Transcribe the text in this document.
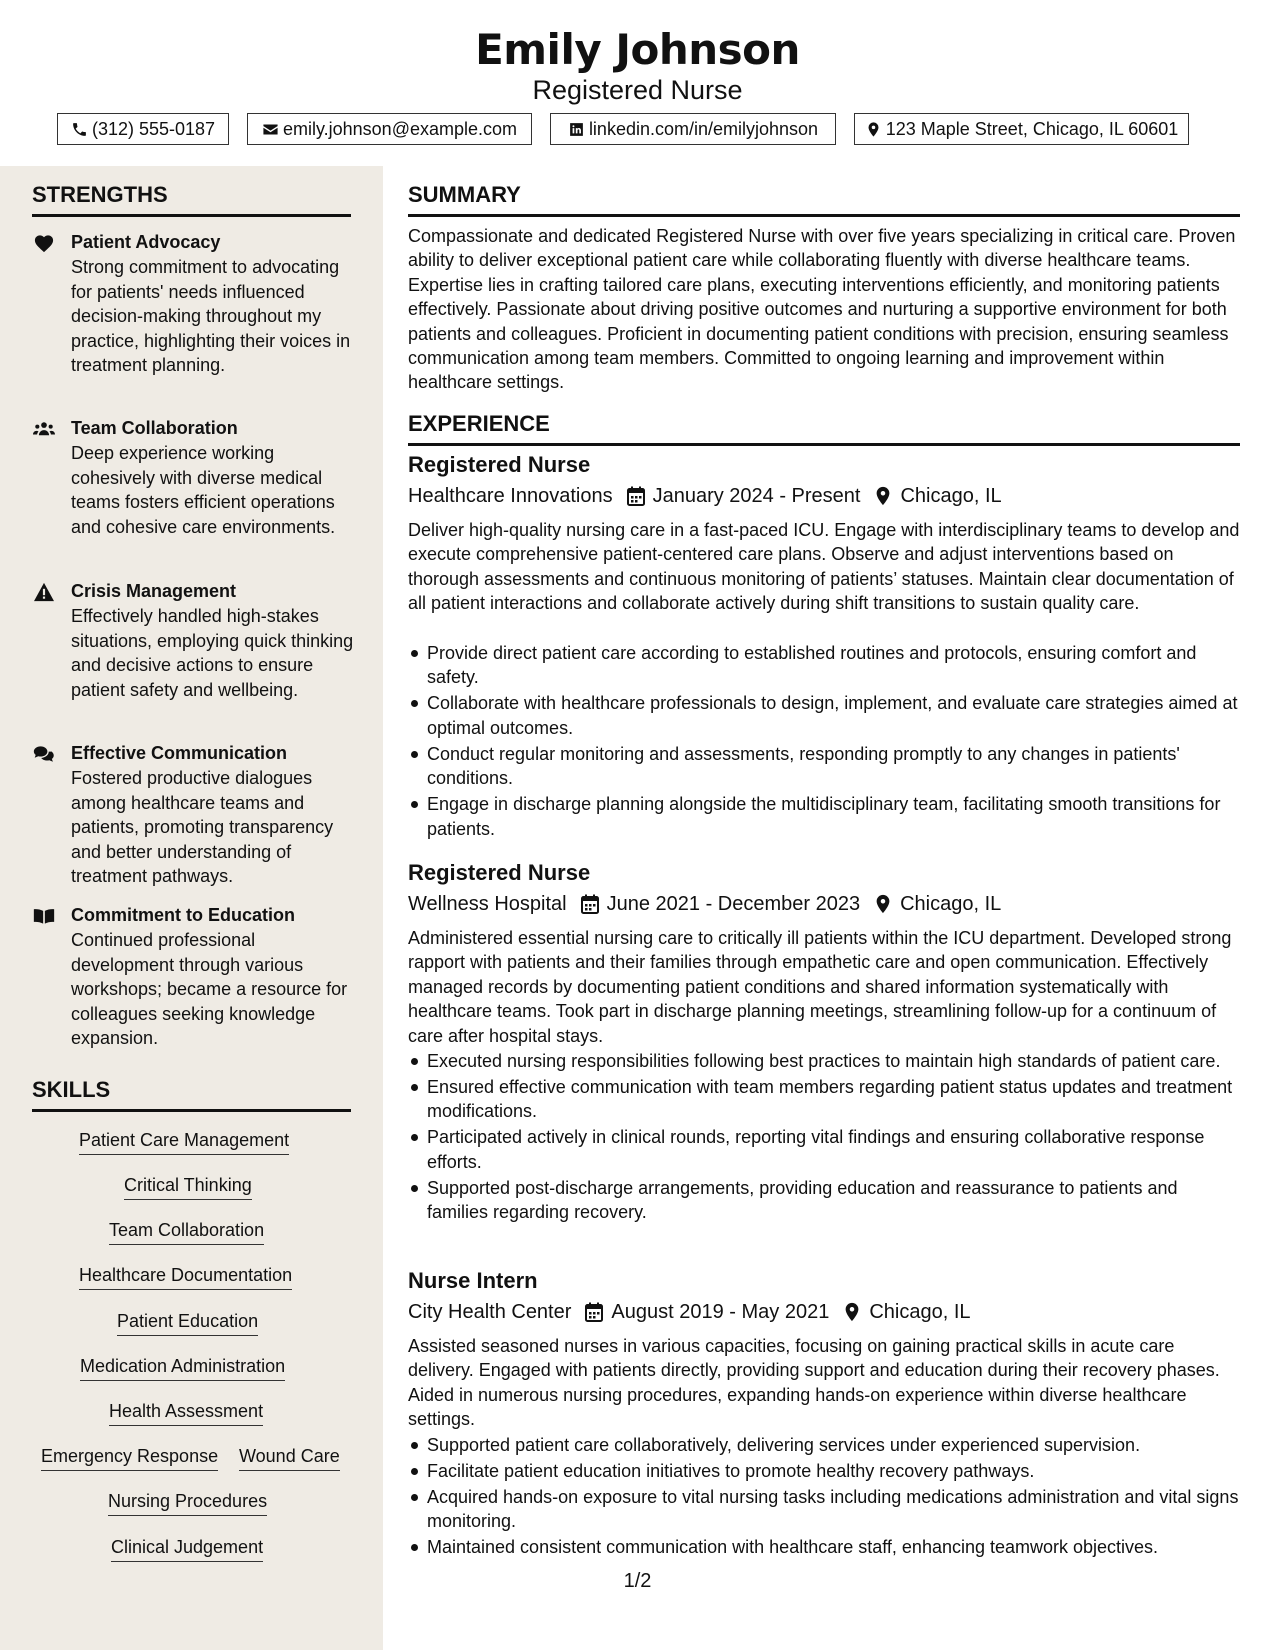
Emily Johnson
Registered Nurse
(312) 555-0187	emily.johnson@example.com	linkedin.com/in/emilyjohnson	123 Maple Street, Chicago, IL 60601
STRENGTHS
Patient Advocacy
Strong commitment to advocating for patients' needs influenced decision-making throughout my practice, highlighting their voices in treatment planning.
Team Collaboration
Deep experience working cohesively with diverse medical teams fosters efficient operations and cohesive care environments.
Crisis Management
Effectively handled high-stakes situations, employing quick thinking and decisive actions to ensure patient safety and wellbeing.
Effective Communication
Fostered productive dialogues among healthcare teams and patients, promoting transparency and better understanding of treatment pathways.
Commitment to Education
Continued professional development through various workshops; became a resource for colleagues seeking knowledge expansion.
SKILLS
Patient Care Management
Critical Thinking
Team Collaboration
Healthcare Documentation
Patient Education
Medication Administration
Health Assessment
Emergency Response Wound Care
Nursing Procedures
Clinical Judgement
SUMMARY
Compassionate and dedicated Registered Nurse with over five years specializing in critical care. Proven ability to deliver exceptional patient care while collaborating fluently with diverse healthcare teams. Expertise lies in crafting tailored care plans, executing interventions efficiently, and monitoring patients effectively. Passionate about driving positive outcomes and nurturing a supportive environment for both patients and colleagues. Proficient in documenting patient conditions with precision, ensuring seamless communication among team members. Committed to ongoing learning and improvement within healthcare settings.
EXPERIENCE
Registered Nurse
Healthcare Innovations January 2024 - Present Chicago, IL
Deliver high-quality nursing care in a fast-paced ICU. Engage with interdisciplinary teams to develop and execute comprehensive patient-centered care plans. Observe and adjust interventions based on thorough assessments and continuous monitoring of patients’ statuses. Maintain clear documentation of all patient interactions and collaborate actively during shift transitions to sustain quality care.
Provide direct patient care according to established routines and protocols, ensuring comfort and safety.
Collaborate with healthcare professionals to design, implement, and evaluate care strategies aimed at optimal outcomes.
Conduct regular monitoring and assessments, responding promptly to any changes in patients' conditions.
Engage in discharge planning alongside the multidisciplinary team, facilitating smooth transitions for patients.
Registered Nurse
Wellness Hospital June 2021 - December 2023 Chicago, IL
Administered essential nursing care to critically ill patients within the ICU department. Developed strong rapport with patients and their families through empathetic care and open communication. Effectively managed records by documenting patient conditions and shared information systematically with healthcare teams. Took part in discharge planning meetings, streamlining follow-up for a continuum of care after hospital stays.
Executed nursing responsibilities following best practices to maintain high standards of patient care.
Ensured effective communication with team members regarding patient status updates and treatment modifications.
Participated actively in clinical rounds, reporting vital findings and ensuring collaborative response efforts.
Supported post-discharge arrangements, providing education and reassurance to patients and families regarding recovery.
Nurse Intern
City Health Center August 2019 - May 2021 Chicago, IL
Assisted seasoned nurses in various capacities, focusing on gaining practical skills in acute care delivery. Engaged with patients directly, providing support and education during their recovery phases. Aided in numerous nursing procedures, expanding hands-on experience within diverse healthcare settings.
Supported patient care collaboratively, delivering services under experienced supervision.
Facilitate patient education initiatives to promote healthy recovery pathways.
Acquired hands-on exposure to vital nursing tasks including medications administration and vital signs monitoring.
Maintained consistent communication with healthcare staff, enhancing teamwork objectives.
1/2
